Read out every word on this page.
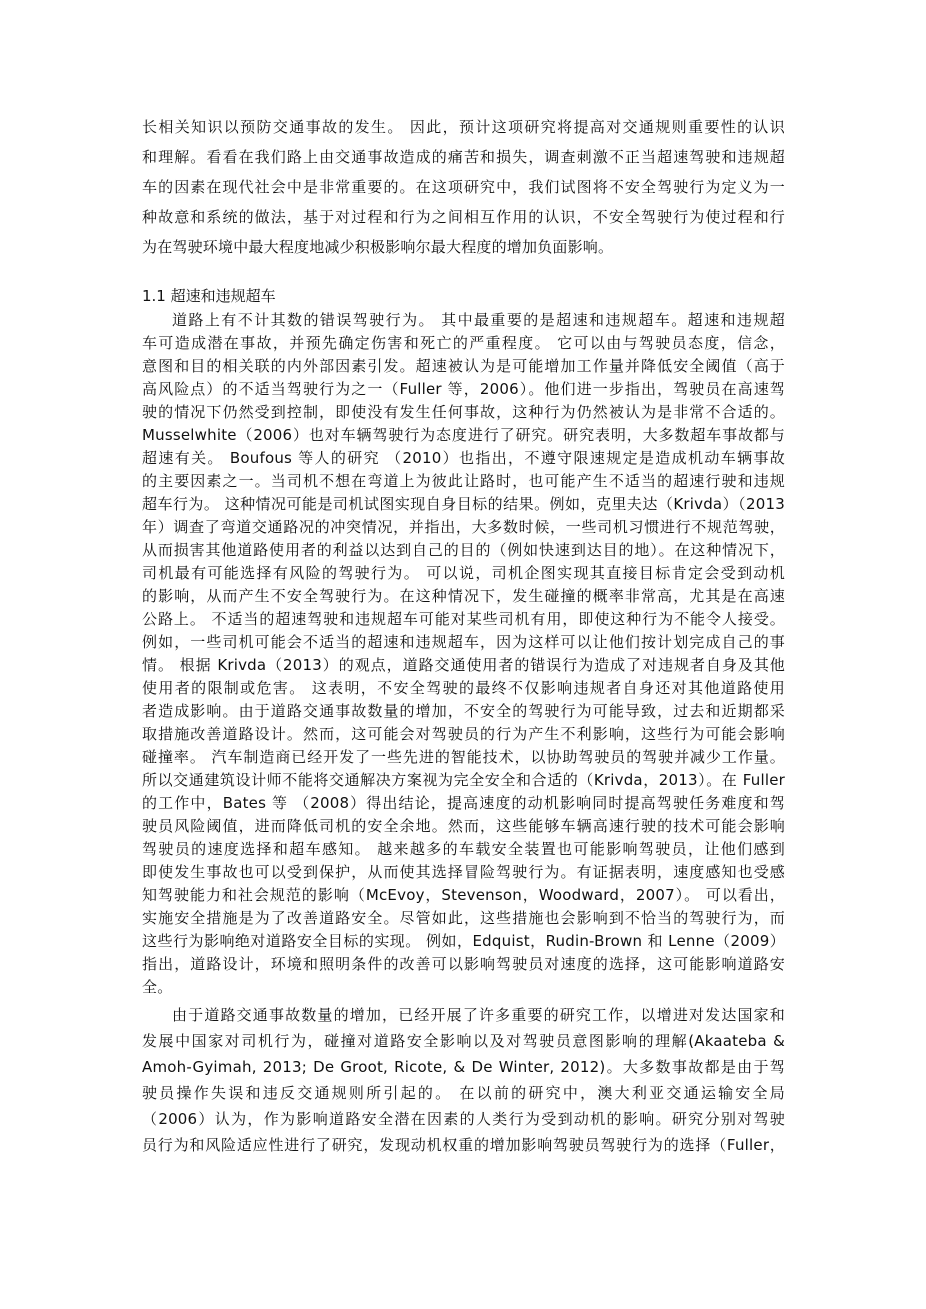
长相关知识以预防交通事故的发生。 因此，预计这项研究将提高对交通规则重要性的认识
和理解。看看在我们路上由交通事故造成的痛苦和损失，调查刺激不正当超速驾驶和违规超
车的因素在现代社会中是非常重要的。在这项研究中，我们试图将不安全驾驶行为定义为一
种故意和系统的做法，基于对过程和行为之间相互作用的认识，不安全驾驶行为使过程和行
为在驾驶环境中最大程度地减少积极影响尔最大程度的增加负面影响。
1.1 超速和违规超车
道路上有不计其数的错误驾驶行为。 其中最重要的是超速和违规超车。超速和违规超
车可造成潜在事故，并预先确定伤害和死亡的严重程度。 它可以由与驾驶员态度，信念，
意图和目的相关联的内外部因素引发。超速被认为是可能增加工作量并降低安全阈值（高于
高风险点）的不适当驾驶行为之一（Fuller 等，2006）。他们进一步指出，驾驶员在高速驾
驶的情况下仍然受到控制，即使没有发生任何事故，这种行为仍然被认为是非常不合适的。
Musselwhite（2006）也对车辆驾驶行为态度进行了研究。研究表明，大多数超车事故都与
超速有关。 Boufous 等人的研究 （2010）也指出，不遵守限速规定是造成机动车辆事故
的主要因素之一。当司机不想在弯道上为彼此让路时，也可能产生不适当的超速行驶和违规
超车行为。 这种情况可能是司机试图实现自身目标的结果。例如，克里夫达（Krivda）（2013
年）调查了弯道交通路况的冲突情况，并指出，大多数时候，一些司机习惯进行不规范驾驶，
从而损害其他道路使用者的利益以达到自己的目的（例如快速到达目的地）。在这种情况下，
司机最有可能选择有风险的驾驶行为。 可以说，司机企图实现其直接目标肯定会受到动机
的影响，从而产生不安全驾驶行为。在这种情况下，发生碰撞的概率非常高，尤其是在高速
公路上。 不适当的超速驾驶和违规超车可能对某些司机有用，即使这种行为不能令人接受。
例如，一些司机可能会不适当的超速和违规超车，因为这样可以让他们按计划完成自己的事
情。 根据 Krivda（2013）的观点，道路交通使用者的错误行为造成了对违规者自身及其他
使用者的限制或危害。 这表明，不安全驾驶的最终不仅影响违规者自身还对其他道路使用
者造成影响。由于道路交通事故数量的增加，不安全的驾驶行为可能导致，过去和近期都采
取措施改善道路设计。然而，这可能会对驾驶员的行为产生不利影响，这些行为可能会影响
碰撞率。 汽车制造商已经开发了一些先进的智能技术，以协助驾驶员的驾驶并减少工作量。
所以交通建筑设计师不能将交通解决方案视为完全安全和合适的（Krivda，2013）。在 Fuller
的工作中，Bates 等 （2008）得出结论，提高速度的动机影响同时提高驾驶任务难度和驾
驶员风险阈值，进而降低司机的安全余地。然而，这些能够车辆高速行驶的技术可能会影响
驾驶员的速度选择和超车感知。 越来越多的车载安全装置也可能影响驾驶员，让他们感到
即使发生事故也可以受到保护，从而使其选择冒险驾驶行为。有证据表明，速度感知也受感
知驾驶能力和社会规范的影响（McEvoy，Stevenson，Woodward，2007）。 可以看出，
实施安全措施是为了改善道路安全。尽管如此，这些措施也会影响到不恰当的驾驶行为，而
这些行为影响绝对道路安全目标的实现。 例如，Edquist，Rudin-Brown 和 Lenne（2009）
指出，道路设计，环境和照明条件的改善可以影响驾驶员对速度的选择，这可能影响道路安
全。
由于道路交通事故数量的增加，已经开展了许多重要的研究工作，以增进对发达国家和
发展中国家对司机行为，碰撞对道路安全影响以及对驾驶员意图影响的理解(Akaateba &
Amoh-Gyimah, 2013; De Groot, Ricote, & De Winter, 2012)。大多数事故都是由于驾
驶员操作失误和违反交通规则所引起的。 在以前的研究中，澳大利亚交通运输安全局
（2006）认为，作为影响道路安全潜在因素的人类行为受到动机的影响。研究分别对驾驶
员行为和风险适应性进行了研究，发现动机权重的增加影响驾驶员驾驶行为的选择（Fuller，
